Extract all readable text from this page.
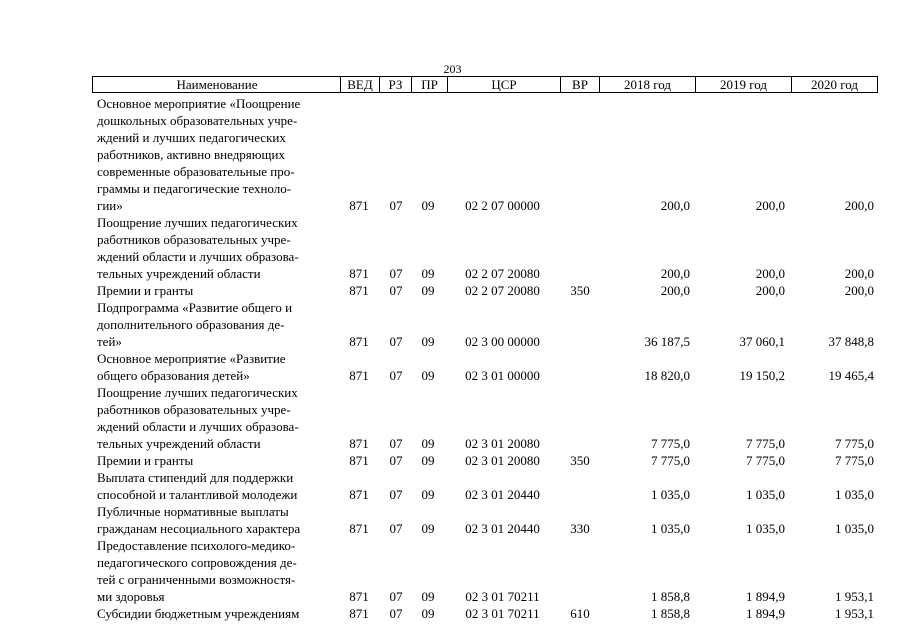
203
Наименование	ВЕД	РЗ	ПР	ЦСР	ВР	2018 год	2019 год	2020 год
Основное мероприятие «Поощрение
дошкольных образовательных учре-
ждений и лучших педагогических
работников, активно внедряющих
современные образовательные про-
граммы и педагогические техноло-
гии»	871	07	09	02 2 07 00000	200,0	200,0	200,0
Поощрение лучших педагогических
работников образовательных учре-
ждений области и лучших образова-
тельных учреждений области	871	07	09	02 2 07 20080	200,0	200,0	200,0
Премии и гранты	871	07	09	02 2 07 20080	350	200,0	200,0	200,0
Подпрограмма «Развитие общего и
дополнительного образования де-
тей»	871	07	09	02 3 00 00000	36 187,5	37 060,1	37 848,8
Основное мероприятие «Развитие
общего образования детей»	871	07	09	02 3 01 00000	18 820,0	19 150,2	19 465,4
Поощрение лучших педагогических
работников образовательных учре-
ждений области и лучших образова-
тельных учреждений области	871	07	09	02 3 01 20080	7 775,0	7 775,0	7 775,0
Премии и гранты	871	07	09	02 3 01 20080	350	7 775,0	7 775,0	7 775,0
Выплата стипендий для поддержки
способной и талантливой молодежи	871	07	09	02 3 01 20440	1 035,0	1 035,0	1 035,0
Публичные нормативные выплаты
гражданам несоциального характера	871	07	09	02 3 01 20440	330	1 035,0	1 035,0	1 035,0
Предоставление психолого-медико-
педагогического сопровождения де-
тей с ограниченными возможностя-
ми здоровья	871	07	09	02 3 01 70211	1 858,8	1 894,9	1 953,1
Субсидии бюджетным учреждениям	871	07	09	02 3 01 70211	610	1 858,8	1 894,9	1 953,1
